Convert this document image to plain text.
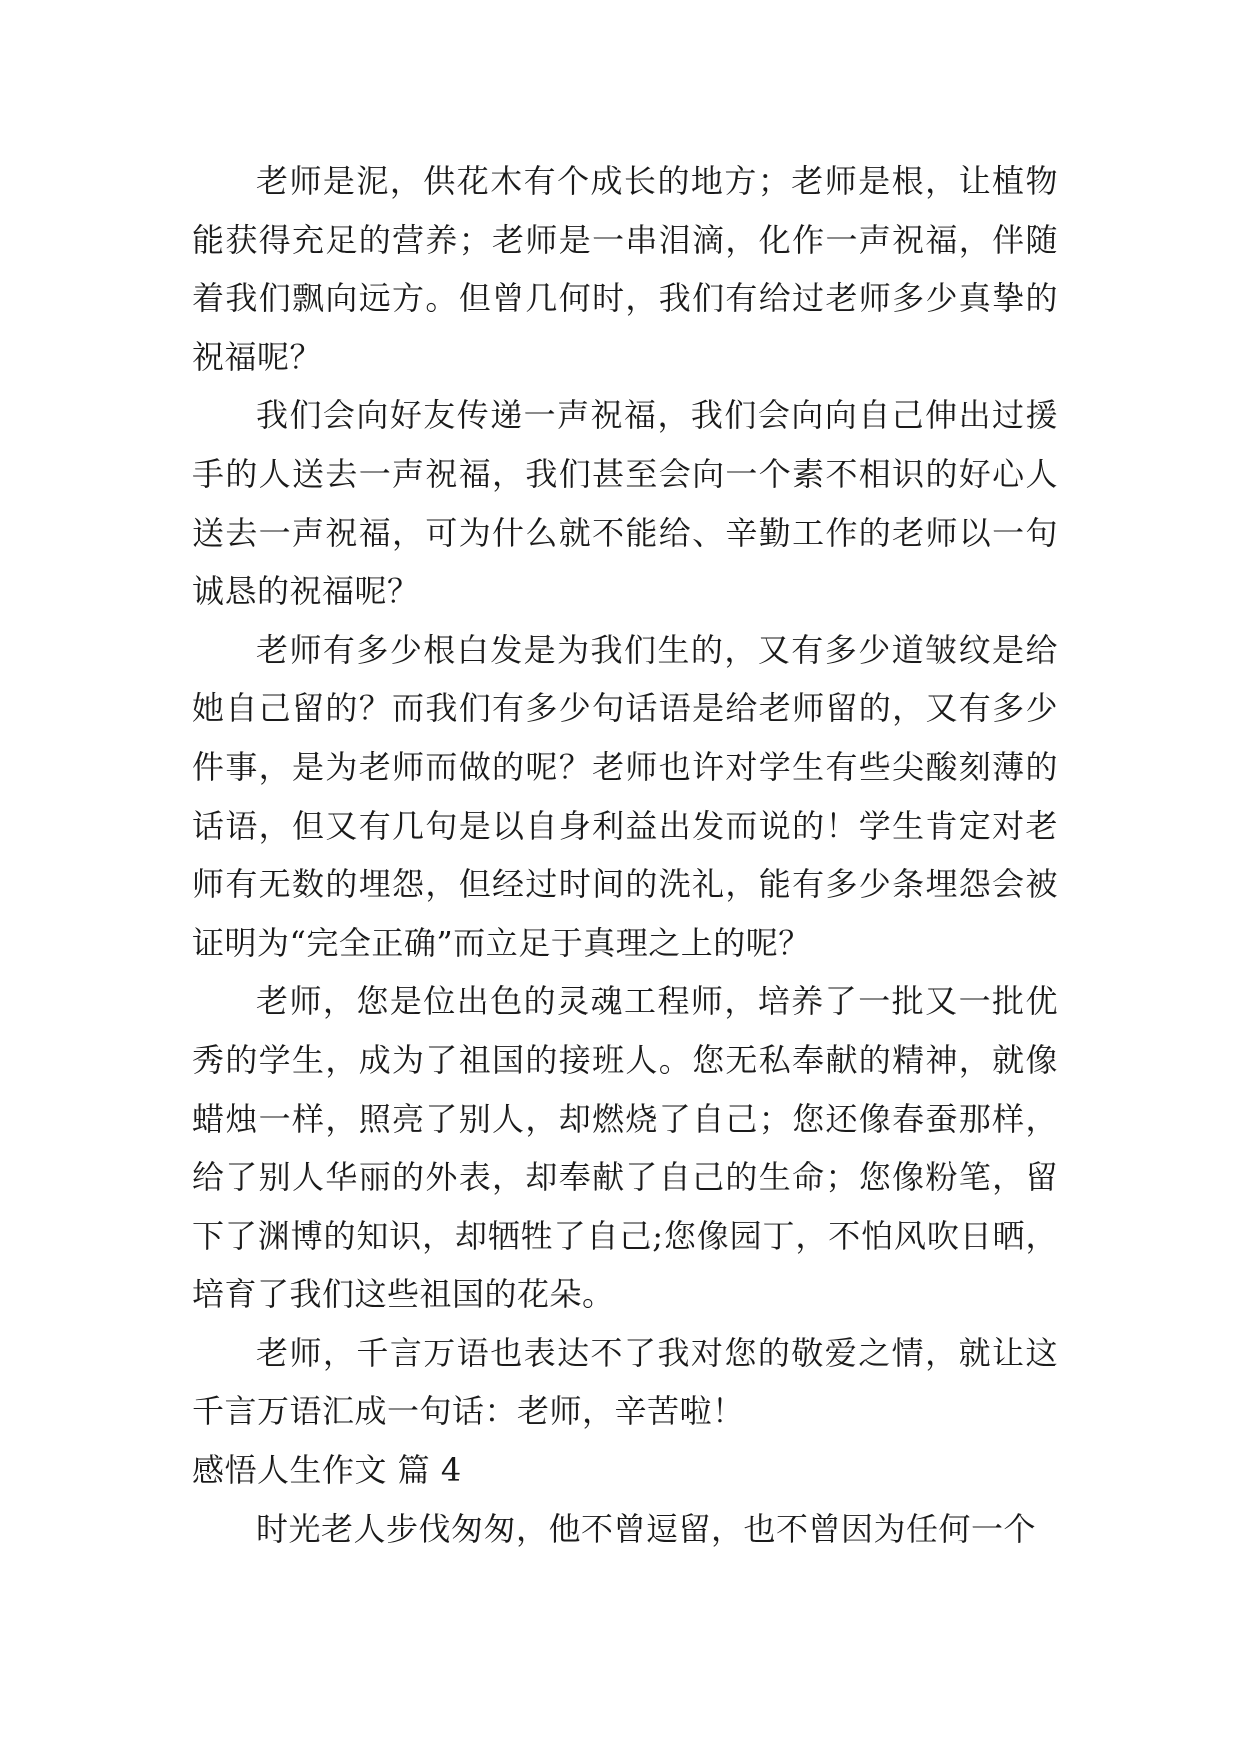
老师是泥，供花木有个成长的地方；老师是根，让植物能获得充足的营养；老师是一串泪滴，化作一声祝福，伴随着我们飘向远方。但曾几何时，我们有给过老师多少真挚的祝福呢？

我们会向好友传递一声祝福，我们会向向自己伸出过援手的人送去一声祝福，我们甚至会向一个素不相识的好心人送去一声祝福，可为什么就不能给、辛勤工作的老师以一句诚恳的祝福呢？

老师有多少根白发是为我们生的，又有多少道皱纹是给她自己留的？而我们有多少句话语是给老师留的，又有多少件事，是为老师而做的呢？老师也许对学生有些尖酸刻薄的话语，但又有几句是以自身利益出发而说的！学生肯定对老师有无数的埋怨，但经过时间的洗礼，能有多少条埋怨会被证明为“完全正确”而立足于真理之上的呢？

老师，您是位出色的灵魂工程师，培养了一批又一批优秀的学生，成为了祖国的接班人。您无私奉献的精神，就像蜡烛一样，照亮了别人，却燃烧了自己；您还像春蚕那样，给了别人华丽的外表，却奉献了自己的生命；您像粉笔，留下了渊博的知识，却牺牲了自己;您像园丁，不怕风吹日晒，培育了我们这些祖国的花朵。

老师，千言万语也表达不了我对您的敬爱之情，就让这千言万语汇成一句话：老师，辛苦啦！

感悟人生作文 篇 4

时光老人步伐匆匆，他不曾逗留，也不曾因为任何一个
